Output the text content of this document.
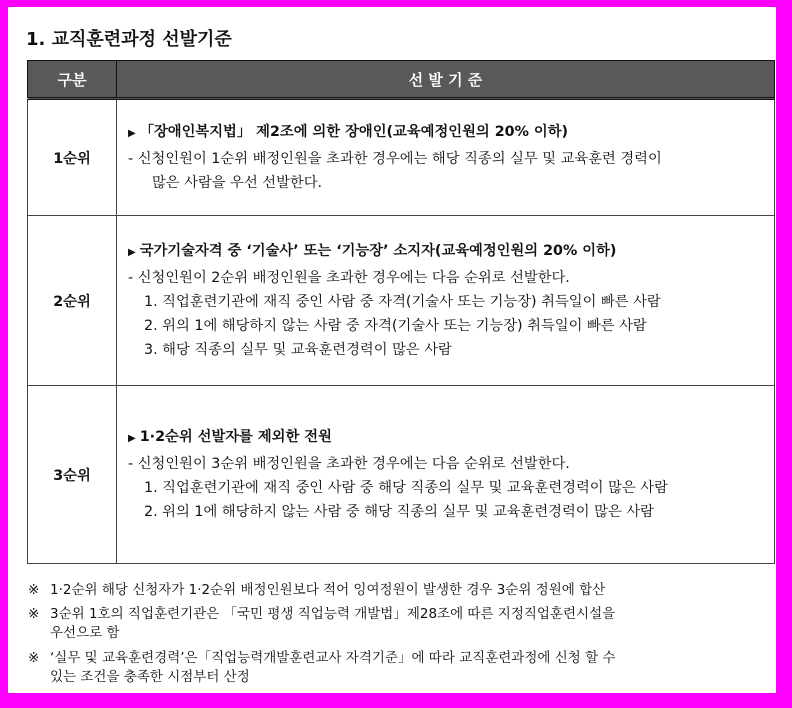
1. 교직훈련과정 선발기준
구분	선 발 기 준
1순위	▶ 「장애인복지법」 제2조에 의한 장애인(교육예정인원의 20% 이하)
- 신청인원이 1순위 배정인원을 초과한 경우에는 해당 직종의 실무 및 교육훈련 경력이
많은 사람을 우선 선발한다.

2순위	▶ 국가기술자격 중 ‘기술사’ 또는 ‘기능장’ 소지자(교육예정인원의 20% 이하)
- 신청인원이 2순위 배정인원을 초과한 경우에는 다음 순위로 선발한다.
1. 직업훈련기관에 재직 중인 사람 중 자격(기술사 또는 기능장) 취득일이 빠른 사람
2. 위의 1에 해당하지 않는 사람 중 자격(기술사 또는 기능장) 취득일이 빠른 사람
3. 해당 직종의 실무 및 교육훈련경력이 많은 사람

3순위	▶ 1·2순위 선발자를 제외한 전원
- 신청인원이 3순위 배정인원을 초과한 경우에는 다음 순위로 선발한다.
1. 직업훈련기관에 재직 중인 사람 중 해당 직종의 실무 및 교육훈련경력이 많은 사람
2. 위의 1에 해당하지 않는 사람 중 해당 직종의 실무 및 교육훈련경력이 많은 사람
※ 1·2순위 해당 신청자가 1·2순위 배정인원보다 적어 잉여정원이 발생한 경우 3순위 정원에 합산
※ 3순위 1호의 직업훈련기관은 「국민 평생 직업능력 개발법」제28조에 따른 지정직업훈련시설을
우선으로 함
※ ‘실무 및 교육훈련경력’은「직업능력개발훈련교사 자격기준」에 따라 교직훈련과정에 신청 할 수
있는 조건을 충족한 시점부터 산정
